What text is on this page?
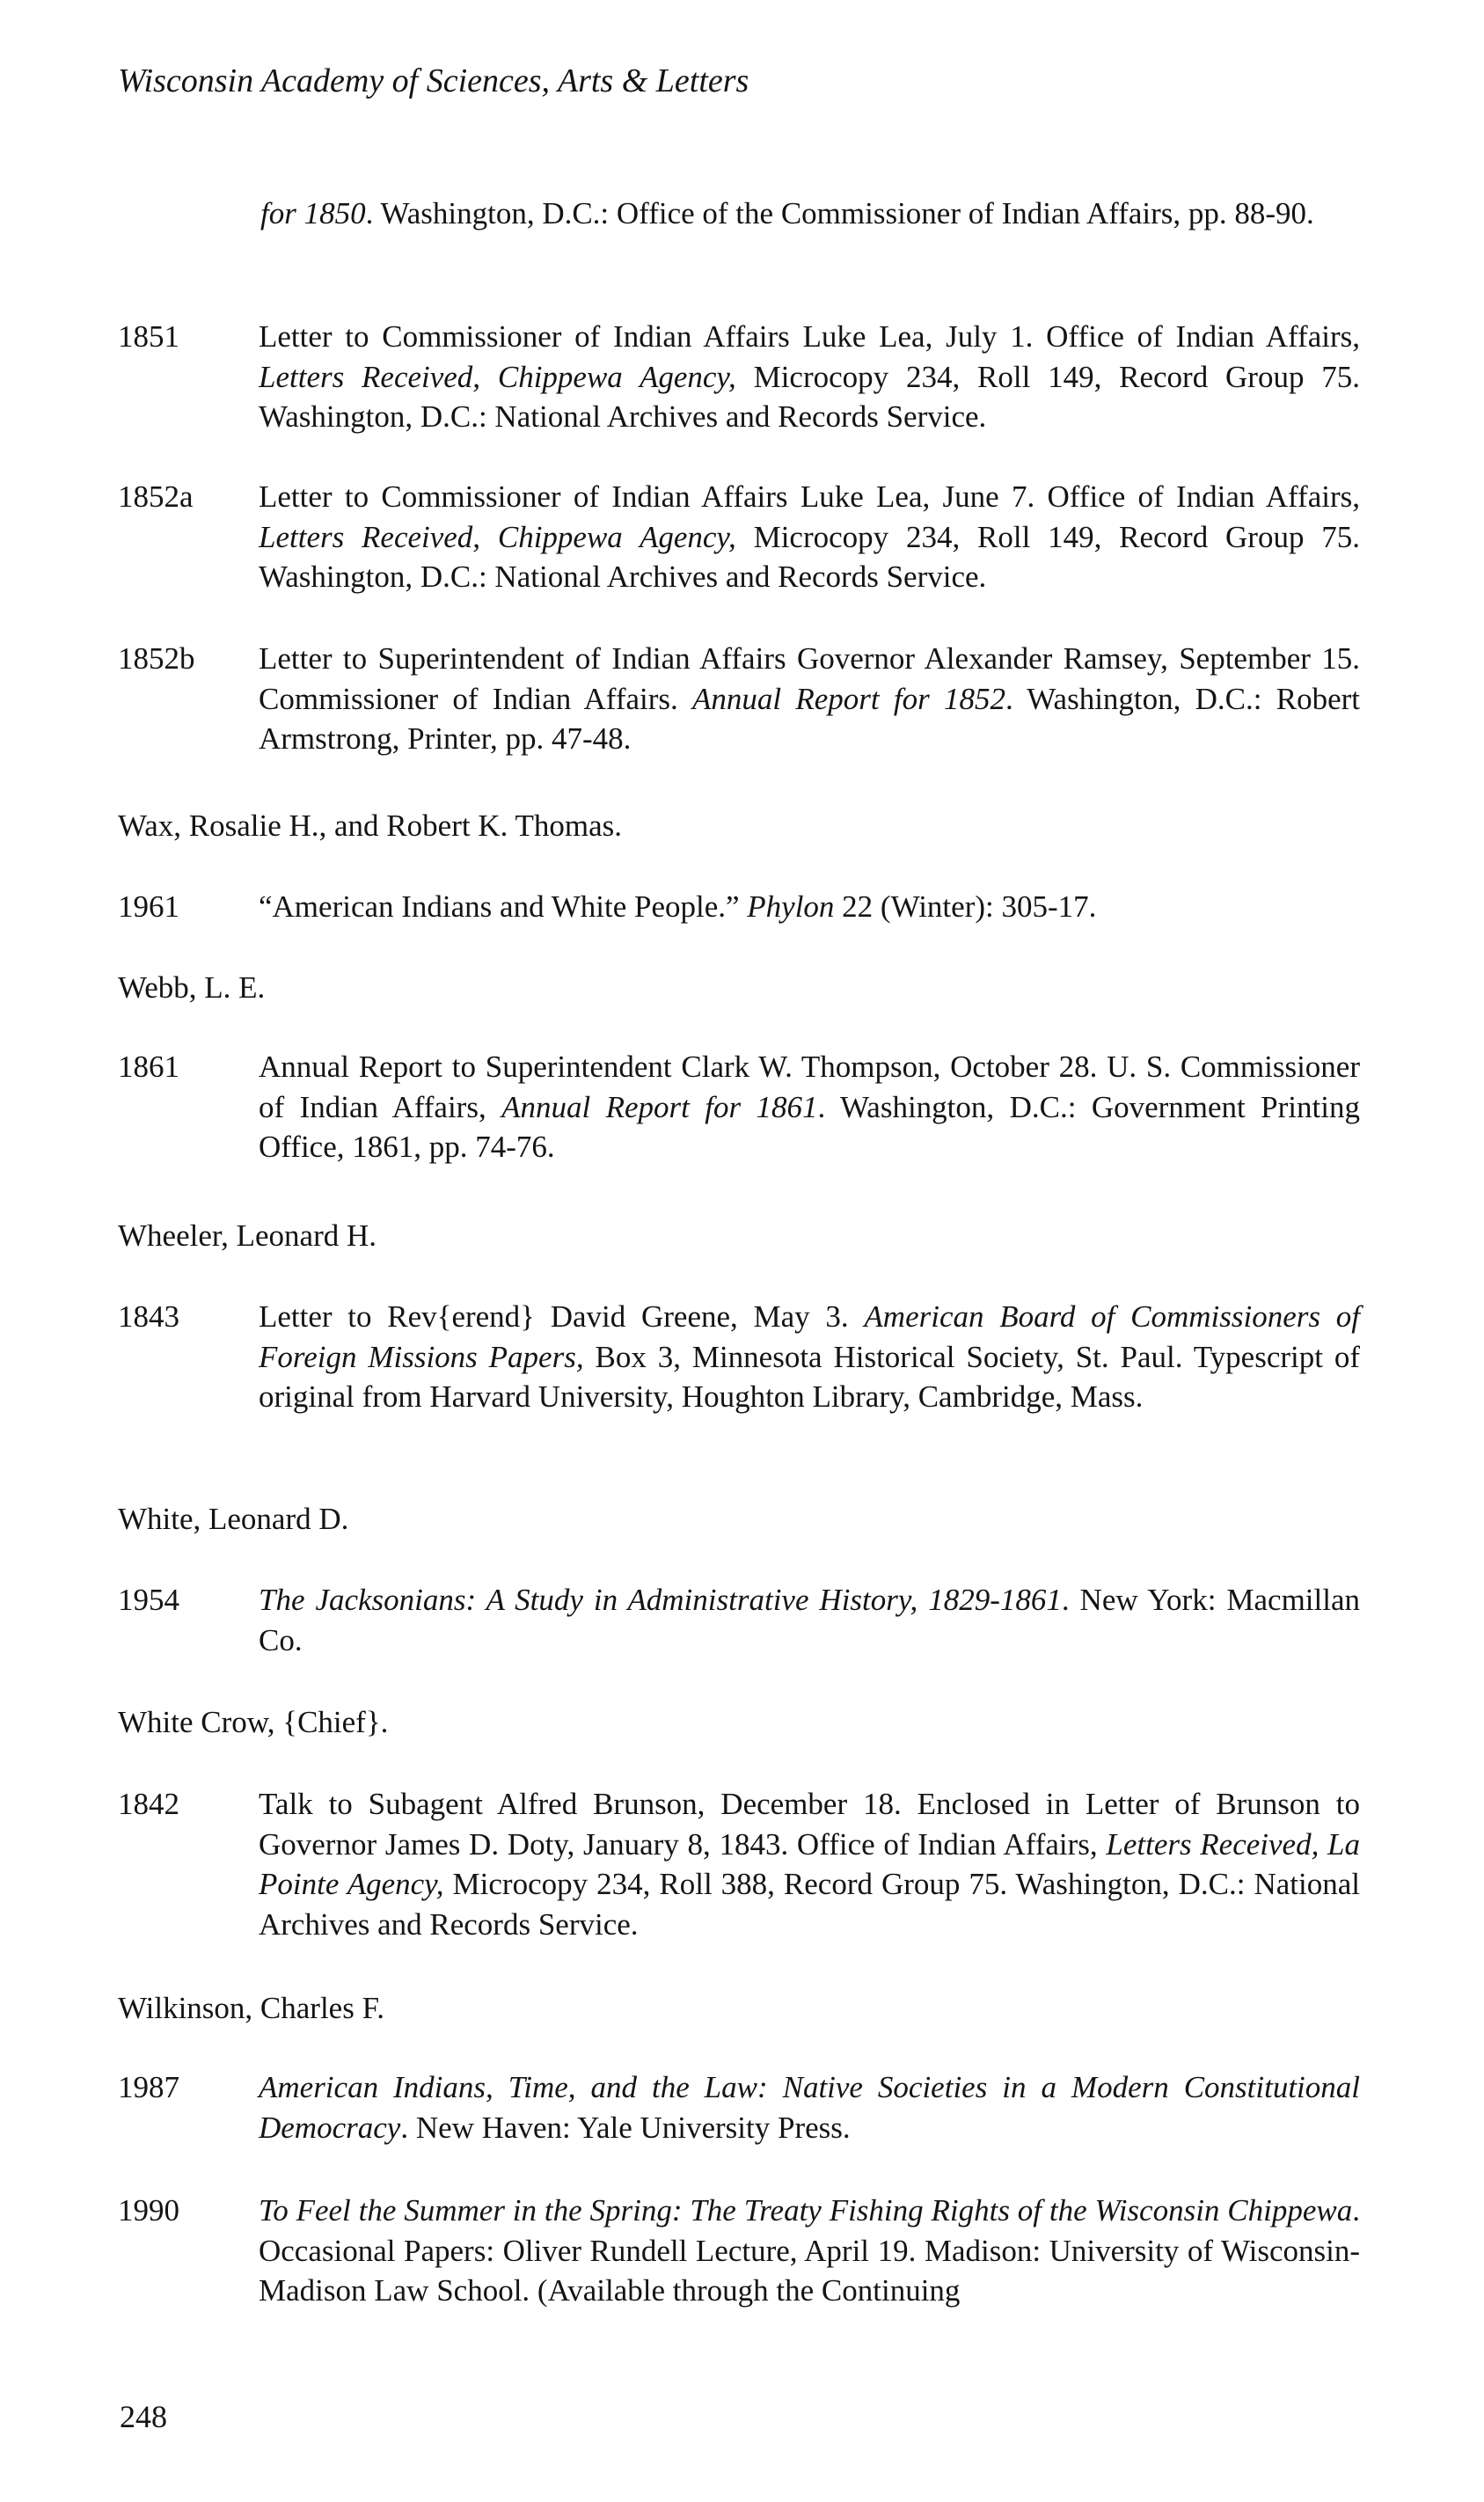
Wisconsin Academy of Sciences, Arts & Letters
for 1850. Washington, D.C.: Office of the Commissioner of Indian Affairs, pp. 88-90.
1851	Letter to Commissioner of Indian Affairs Luke Lea, July 1. Office of Indian Affairs, Letters Received, Chippewa Agency, Microcopy 234, Roll 149, Record Group 75. Washington, D.C.: National Archives and Records Service.
1852a Letter to Commissioner of Indian Affairs Luke Lea, June 7. Office of Indian Affairs, Letters Received, Chippewa Agency, Microcopy 234, Roll 149, Record Group 75. Washington, D.C.: National Archives and Records Service.
1852b Letter to Superintendent of Indian Affairs Governor Alexander Ramsey, September 15. Commissioner of Indian Affairs. Annual Report for 1852. Washington, D.C.: Robert Armstrong, Printer, pp. 47-48.
Wax, Rosalie H., and Robert K. Thomas.
1961	“American Indians and White People.” Phylon 22 (Winter): 305-17.
Webb, L. E.
1861	Annual Report to Superintendent Clark W. Thompson, October 28. U. S. Commissioner of Indian Affairs, Annual Report for 1861. Washington, D.C.: Government Printing Office, 1861, pp. 74-76.
Wheeler, Leonard H.
1843	Letter to Rev{erend} David Greene, May 3. American Board of Commissioners of Foreign Missions Papers, Box 3, Minnesota Historical Society, St. Paul. Typescript of original from Harvard University, Houghton Library, Cambridge, Mass.
White, Leonard D.
1954	The Jacksonians: A Study in Administrative History, 1829-1861. New York: Macmillan Co.
White Crow, {Chief}.
1842	Talk to Subagent Alfred Brunson, December 18. Enclosed in Letter of Brunson to Governor James D. Doty, January 8, 1843. Office of Indian Affairs, Letters Received, La Pointe Agency, Microcopy 234, Roll 388, Record Group 75. Washington, D.C.: National Archives and Records Service.
Wilkinson, Charles F.
1987	American Indians, Time, and the Law: Native Societies in a Modern Constitutional Democracy. New Haven: Yale University Press.
1990	To Feel the Summer in the Spring: The Treaty Fishing Rights of the Wisconsin Chippewa. Occasional Papers: Oliver Rundell Lecture, April 19. Madison: University of Wisconsin-Madison Law School. (Available through the Continuing
248
